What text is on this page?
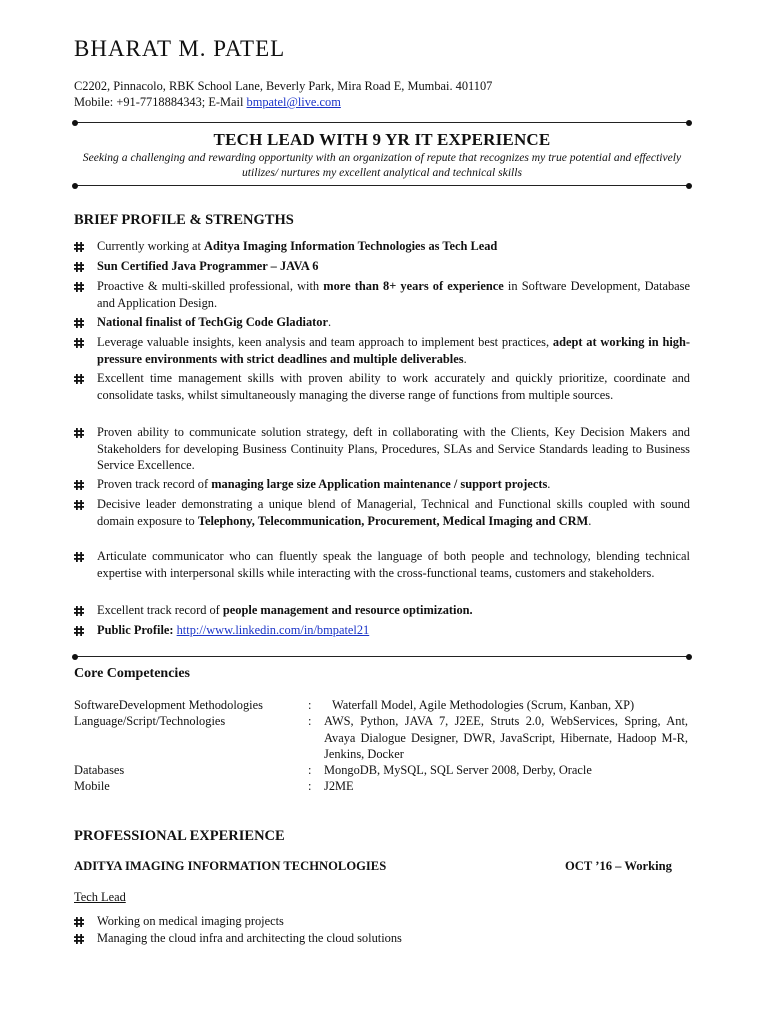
BHARAT M. PATEL
C2202, Pinnacolo, RBK School Lane, Beverly Park, Mira Road E, Mumbai. 401107
Mobile: +91-7718884343; E-Mail bmpatel@live.com
TECH LEAD WITH 9 YR IT EXPERIENCE
Seeking a challenging and rewarding opportunity with an organization of repute that recognizes my true potential and effectively utilizes/ nurtures my excellent analytical and technical skills
BRIEF PROFILE & STRENGTHS
Currently working at Aditya Imaging Information Technologies as Tech Lead
Sun Certified Java Programmer – JAVA 6
Proactive & multi-skilled professional, with more than 8+ years of experience in Software Development, Database and Application Design.
National finalist of TechGig Code Gladiator.
Leverage valuable insights, keen analysis and team approach to implement best practices, adept at working in high-pressure environments with strict deadlines and multiple deliverables.
Excellent time management skills with proven ability to work accurately and quickly prioritize, coordinate and consolidate tasks, whilst simultaneously managing the diverse range of functions from multiple sources.
Proven ability to communicate solution strategy, deft in collaborating with the Clients, Key Decision Makers and Stakeholders for developing Business Continuity Plans, Procedures, SLAs and Service Standards leading to Business Service Excellence.
Proven track record of managing large size Application maintenance / support projects.
Decisive leader demonstrating a unique blend of Managerial, Technical and Functional skills coupled with sound domain exposure to Telephony, Telecommunication, Procurement, Medical Imaging and CRM.
Articulate communicator who can fluently speak the language of both people and technology, blending technical expertise with interpersonal skills while interacting with the cross-functional teams, customers and stakeholders.
Excellent track record of people management and resource optimization.
Public Profile: http://www.linkedin.com/in/bmpatel21
Core Competencies
SoftwareDevelopment Methodologies	: Waterfall Model, Agile Methodologies (Scrum, Kanban, XP)
Language/Script/Technologies	: AWS, Python, JAVA 7, J2EE, Struts 2.0, WebServices, Spring, Ant, Avaya Dialogue Designer, DWR, JavaScript, Hibernate, Hadoop M-R, Jenkins, Docker
Databases	: MongoDB, MySQL, SQL Server 2008, Derby, Oracle
Mobile	: J2ME
PROFESSIONAL EXPERIENCE
ADITYA IMAGING INFORMATION TECHNOLOGIES	OCT ’16 – Working
Tech Lead
Working on medical imaging projects
Managing the cloud infra and architecting the cloud solutions
